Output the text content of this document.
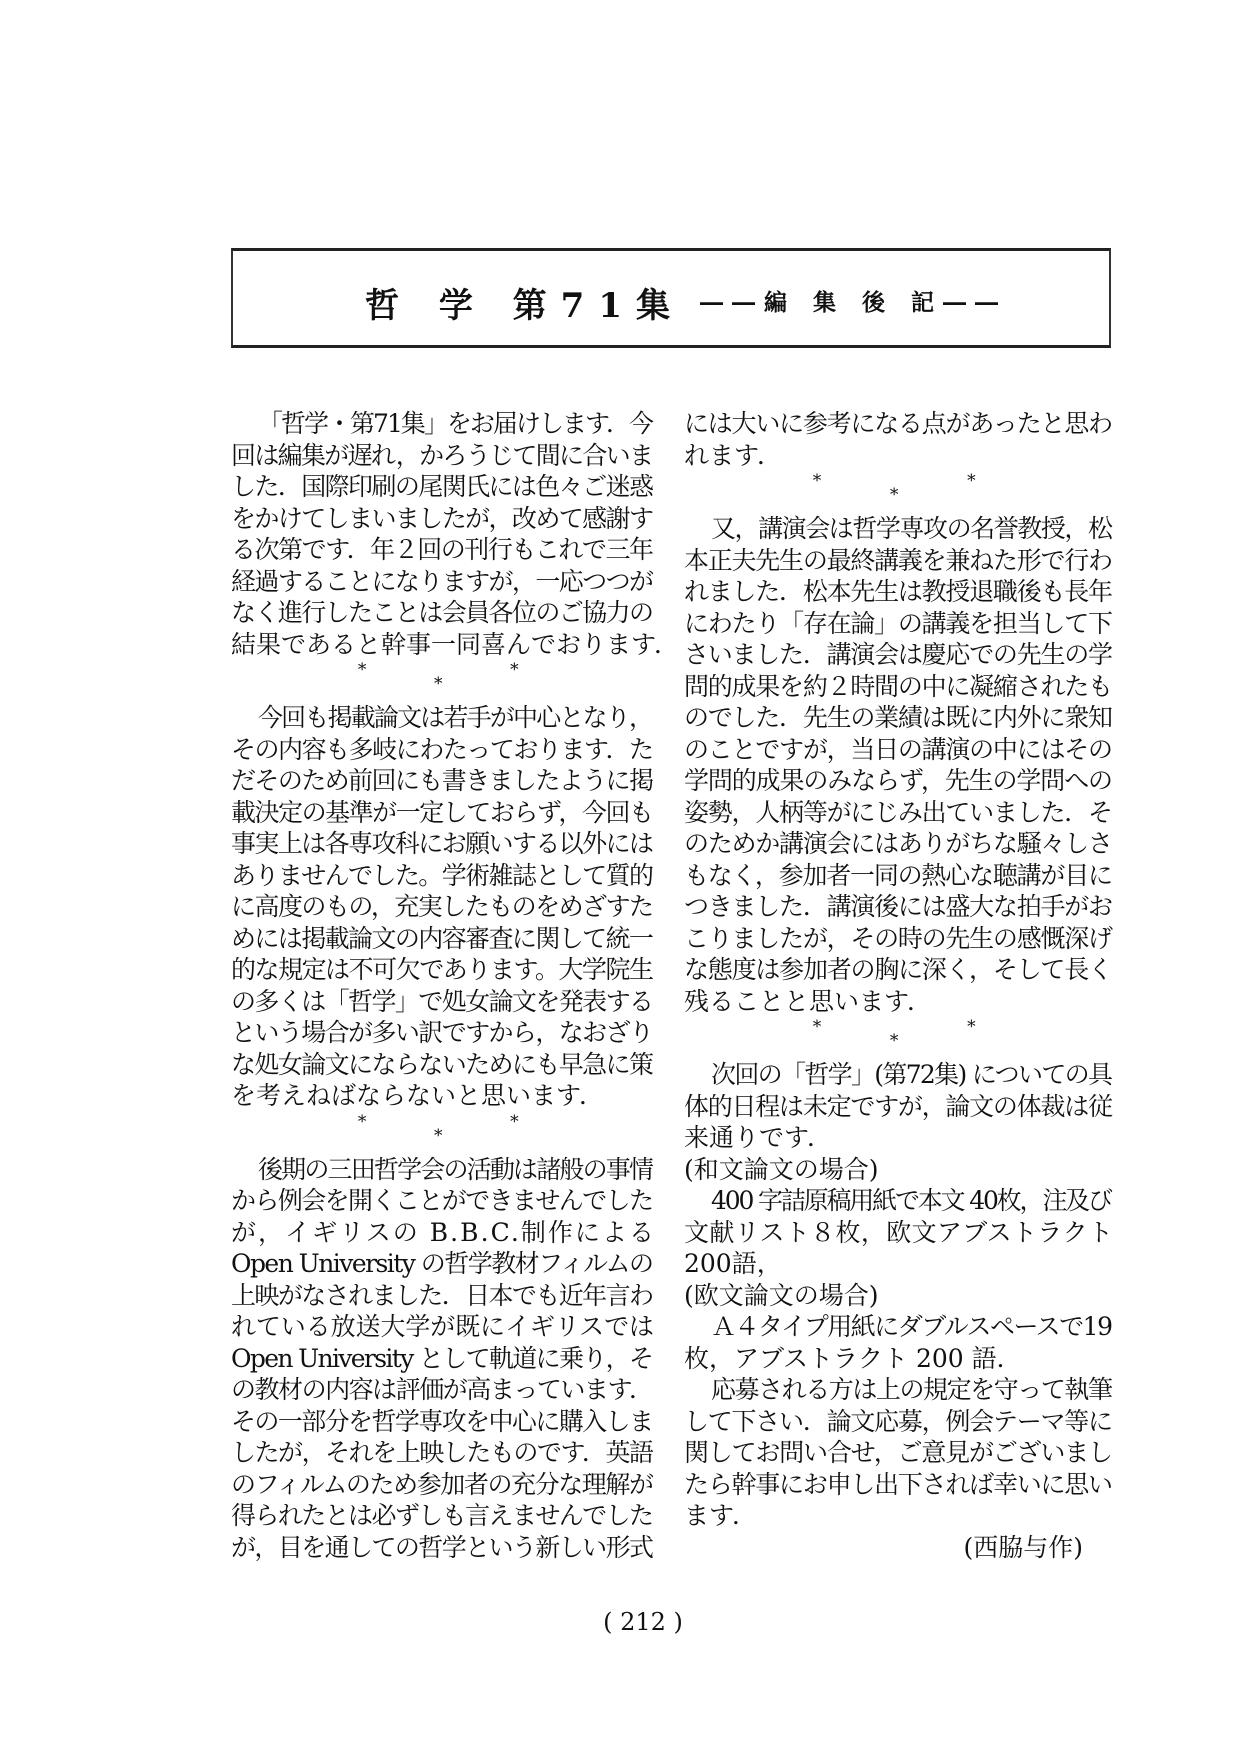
哲 学 第71集 ――編 集 後 記――
「哲学・第71集」をお届けします．今
回は編集が遅れ，かろうじて間に合いま
した．国際印刷の尾関氏には色々ご迷惑
をかけてしまいましたが，改めて感謝す
る次第です．年２回の刊行もこれで三年
経過することになりますが，一応つつが
なく進行したことは会員各位のご協力の
結果であると幹事一同喜んでおります．
*
*
*
今回も掲載論文は若手が中心となり，
その内容も多岐にわたっております．た
だそのため前回にも書きましたように掲
載決定の基準が一定しておらず，今回も
事実上は各専攻科にお願いする以外には
ありませんでした。学術雑誌として質的
に高度のもの，充実したものをめざすた
めには掲載論文の内容審査に関して統一
的な規定は不可欠であります。大学院生
の多くは「哲学」で処女論文を発表する
という場合が多い訳ですから，なおざり
な処女論文にならないためにも早急に策
を考えねばならないと思います．
*
*
*
後期の三田哲学会の活動は諸般の事情
から例会を開くことができませんでした
が，イギリスの B.B.C.制作による
Open University の哲学教材フィルムの
上映がなされました．日本でも近年言わ
れている放送大学が既にイギリスでは
Open University として軌道に乗り，そ
の教材の内容は評価が高まっています．
その一部分を哲学専攻を中心に購入しま
したが，それを上映したものです．英語
のフィルムのため参加者の充分な理解が
得られたとは必ずしも言えませんでした
が，目を通しての哲学という新しい形式
には大いに参考になる点があったと思わ
れます．
*
*
*
又，講演会は哲学専攻の名誉教授，松
本正夫先生の最終講義を兼ねた形で行わ
れました．松本先生は教授退職後も長年
にわたり「存在論」の講義を担当して下
さいました．講演会は慶応での先生の学
問的成果を約２時間の中に凝縮されたも
のでした．先生の業績は既に内外に衆知
のことですが，当日の講演の中にはその
学問的成果のみならず，先生の学問への
姿勢，人柄等がにじみ出ていました．そ
のためか講演会にはありがちな騒々しさ
もなく，参加者一同の熱心な聴講が目に
つきました．講演後には盛大な拍手がお
こりましたが，その時の先生の感慨深げ
な態度は参加者の胸に深く，そして長く
残ることと思います．
*
*
*
次回の「哲学」(第72集) についての具
体的日程は未定ですが，論文の体裁は従
来通りです．
(和文論文の場合)
400 字詰原稿用紙で本文 40枚，注及び
文献リスト８枚，欧文アブストラクト
200語，
(欧文論文の場合)
Ａ４タイプ用紙にダブルスペースで19
枚，アブストラクト 200 語．
応募される方は上の規定を守って執筆
して下さい．論文応募，例会テーマ等に
関してお問い合せ，ご意見がございまし
たら幹事にお申し出下されば幸いに思い
ます．
(西脇与作)
( 212 )
